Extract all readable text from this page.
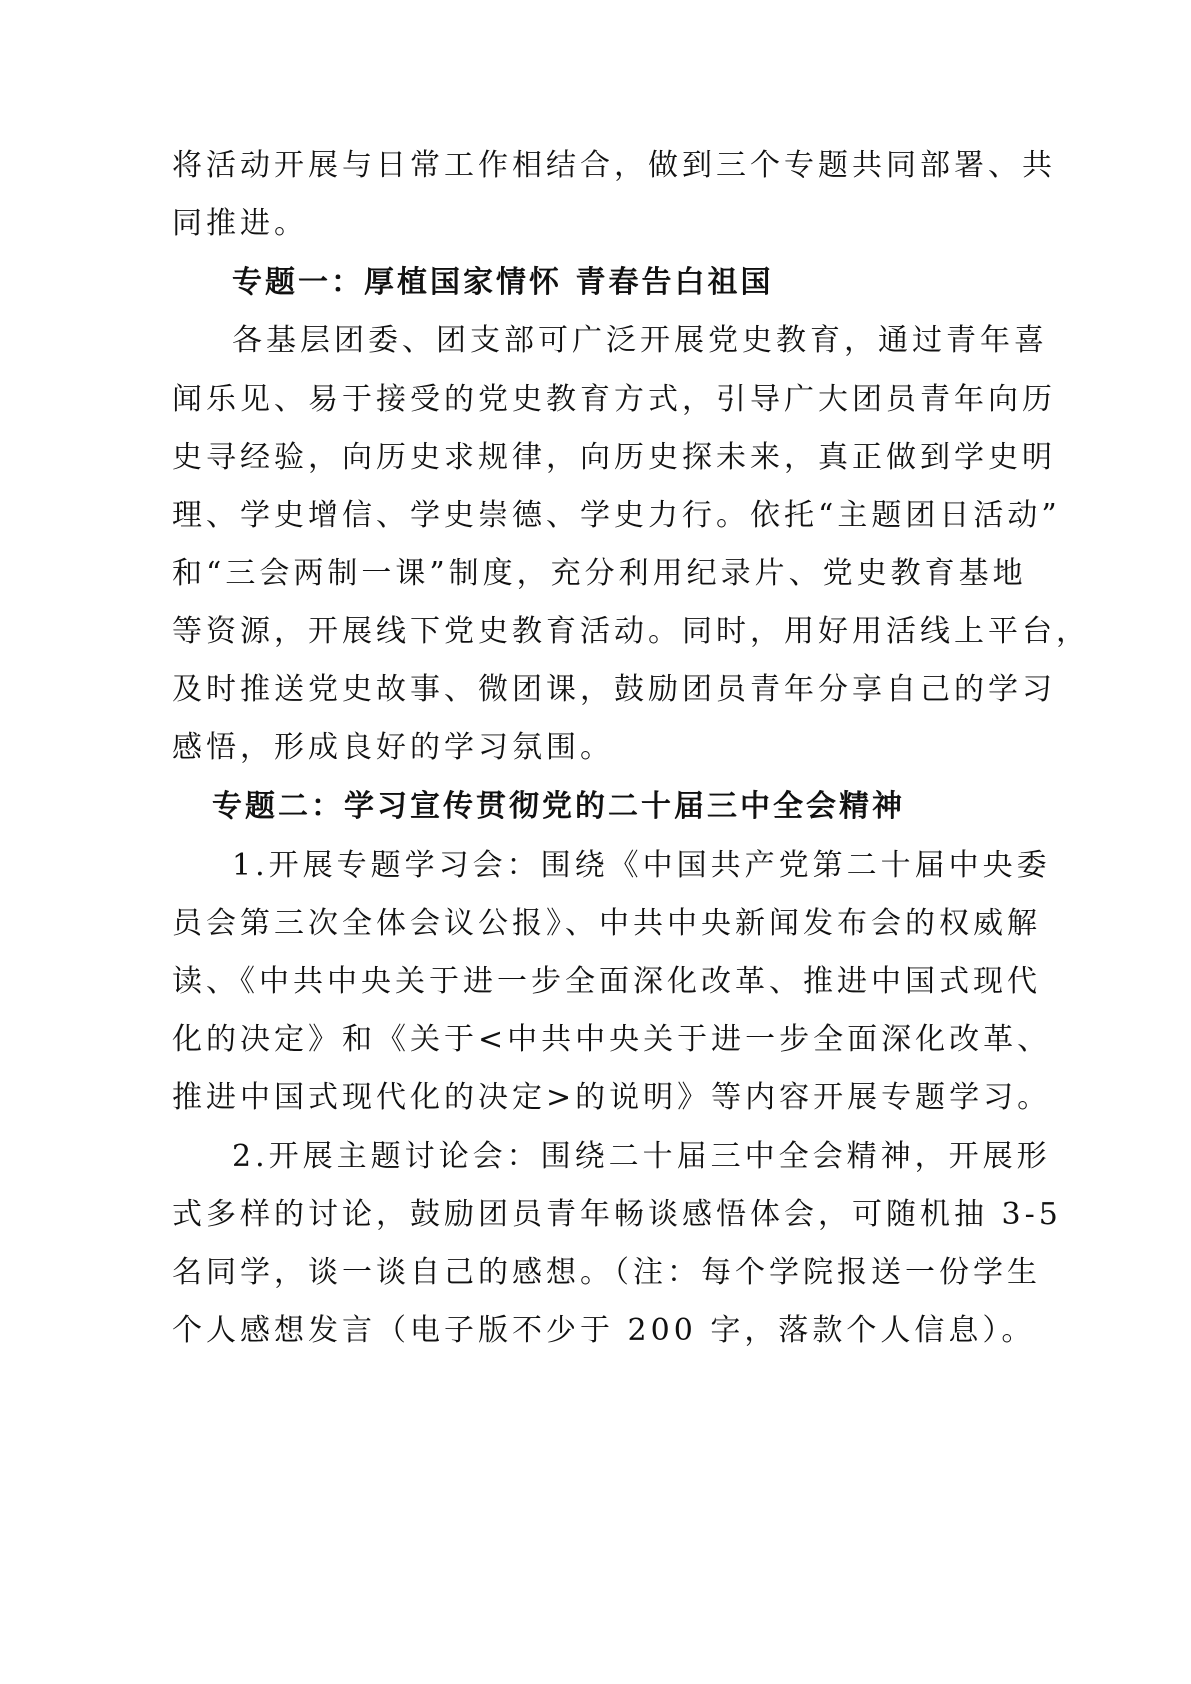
将活动开展与日常工作相结合，做到三个专题共同部署、共
同推进。
专题一：厚植国家情怀 青春告白祖国
各基层团委、团支部可广泛开展党史教育，通过青年喜
闻乐见、易于接受的党史教育方式，引导广大团员青年向历
史寻经验，向历史求规律，向历史探未来，真正做到学史明
理、学史增信、学史崇德、学史力行。依托“主题团日活动”
和“三会两制一课”制度，充分利用纪录片、党史教育基地
等资源，开展线下党史教育活动。同时，用好用活线上平台，
及时推送党史故事、微团课，鼓励团员青年分享自己的学习
感悟，形成良好的学习氛围。
专题二：学习宣传贯彻党的二十届三中全会精神
1.开展专题学习会：围绕《中国共产党第二十届中央委
员会第三次全体会议公报》、中共中央新闻发布会的权威解
读、《中共中央关于进一步全面深化改革、推进中国式现代
化的决定》和《关于<中共中央关于进一步全面深化改革、
推进中国式现代化的决定>的说明》等内容开展专题学习。
2.开展主题讨论会：围绕二十届三中全会精神，开展形
式多样的讨论，鼓励团员青年畅谈感悟体会，可随机抽 3-5
名同学，谈一谈自己的感想。（注：每个学院报送一份学生
个人感想发言（电子版不少于 200 字，落款个人信息）。
